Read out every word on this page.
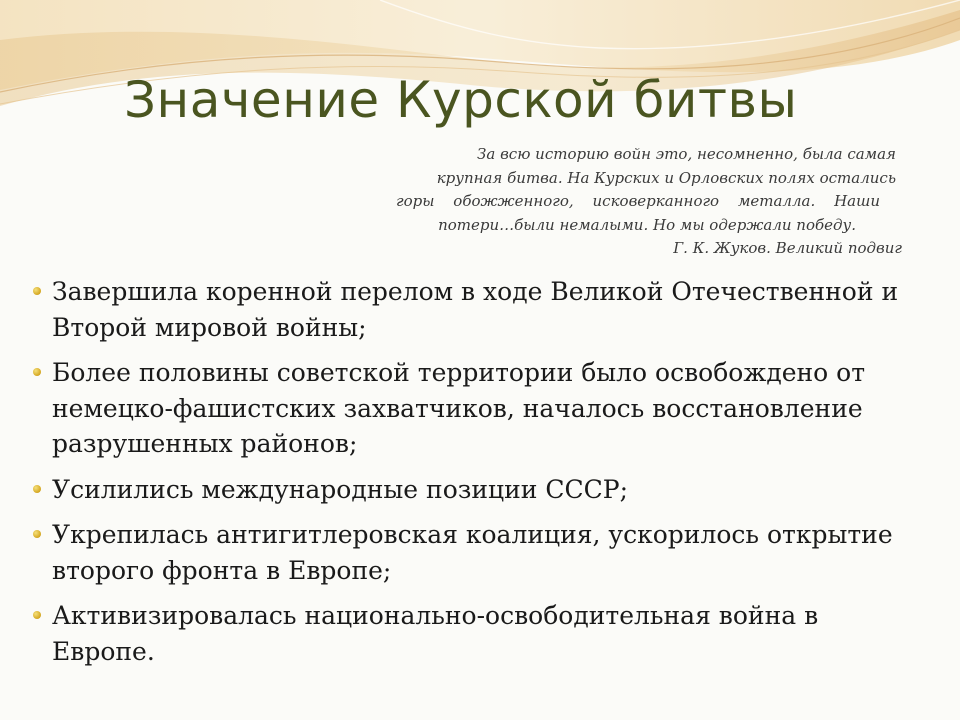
Значение Курской битвы
За всю историю войн это, несомненно, была самая
крупная битва. На Курских и Орловских полях остались
горы обожженного, исковерканного металла. Наши
потери…были немалыми. Но мы одержали победу.
Г. К. Жуков. Великий подвиг
Завершила коренной перелом в ходе Великой Отечественной и Второй мировой войны;
Более половины советской территории было освобождено от немецко-фашистских захватчиков, началось восстановление разрушенных районов;
Усилились международные позиции СССР;
Укрепилась антигитлеровская коалиция, ускорилось открытие второго фронта в Европе;
Активизировалась национально-освободительная война в Европе.
